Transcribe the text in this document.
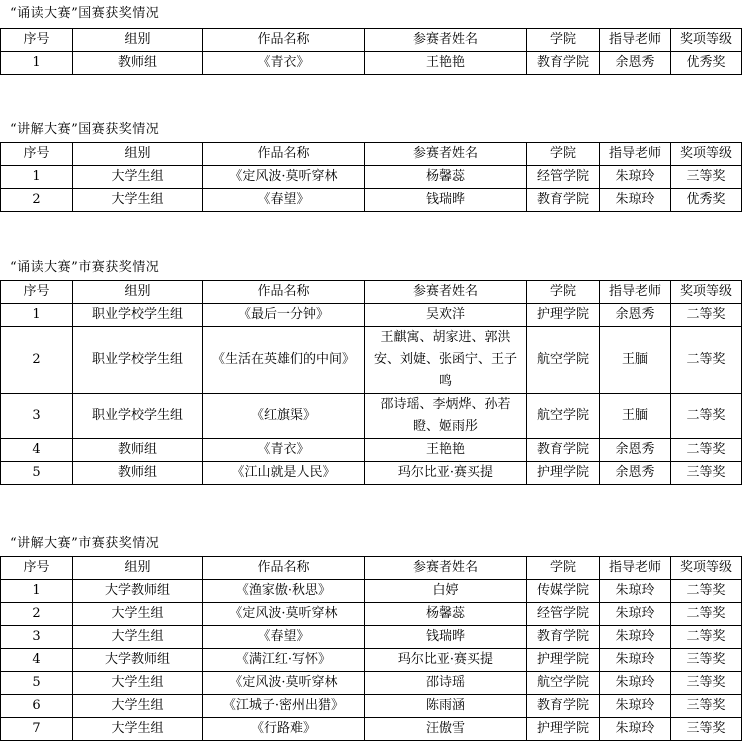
“诵读大赛”国赛获奖情况
序号	组别	作品名称	参赛者姓名	学院	指导老师	奖项等级
1	教师组	《青衣》	王艳艳	教育学院	余恩秀	优秀奖
“讲解大赛”国赛获奖情况
序号	组别	作品名称	参赛者姓名	学院	指导老师	奖项等级
1	大学生组	《定风波·莫听穿林	杨馨蕊	经管学院	朱琼玲	三等奖
2	大学生组	《春望》	钱瑞晔	教育学院	朱琼玲	优秀奖
“诵读大赛”市赛获奖情况
序号	组别	作品名称	参赛者姓名	学院	指导老师	奖项等级
1	职业学校学生组	《最后一分钟》	吴欢洋	护理学院	余恩秀	二等奖
2	职业学校学生组	《生活在英雄们的中间》	王麒寓、胡家进、郭洪安、刘婕、张函宁、王子鸣	航空学院	王腼	二等奖
3	职业学校学生组	《红旗渠》	邵诗瑶、李炳烨、孙若瞪、姬雨彤	航空学院	王腼	二等奖
4	教师组	《青衣》	王艳艳	教育学院	余恩秀	二等奖
5	教师组	《江山就是人民》	玛尔比亚·赛买提	护理学院	余恩秀	三等奖
“讲解大赛”市赛获奖情况
序号	组别	作品名称	参赛者姓名	学院	指导老师	奖项等级
1	大学教师组	《渔家傲·秋思》	白婷	传媒学院	朱琼玲	二等奖
2	大学生组	《定风波·莫听穿林	杨馨蕊	经管学院	朱琼玲	二等奖
3	大学生组	《春望》	钱瑞晔	教育学院	朱琼玲	二等奖
4	大学教师组	《满江红·写怀》	玛尔比亚·赛买提	护理学院	朱琼玲	三等奖
5	大学生组	《定风波·莫听穿林	邵诗瑶	航空学院	朱琼玲	三等奖
6	大学生组	《江城子·密州出猎》	陈雨涵	教育学院	朱琼玲	三等奖
7	大学生组	《行路难》	汪傲雪	护理学院	朱琼玲	三等奖
